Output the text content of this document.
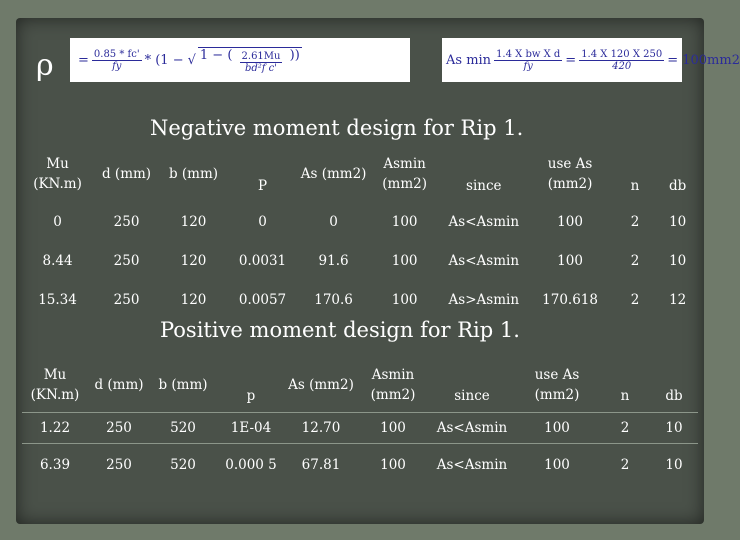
$\rho = \frac{0.85 * fc'}{fy} * (1$ − √ 1 − ( $\frac{2.61Mu}{\text{bd²f c'}}$ ))	As $\min \frac{\text{1.4 X bw X d}}{fy} = \frac{1.4 X 120 X 250}{420} = 100mm2$
Negative moment design for Rip 1.
Mu (KN.m)	d (mm)	b (mm)	P	As (mm2)	Asmin (mm2)	since	use As (mm2)	n	db
0	250	120	0	0	100	As<Asmin	100	2	10
8.44	250	120	0.0031	91.6	100	As<Asmin	100	2	10
15.34	250	120	0.0057	170.6	100	As>Asmin	170.618	2	12
Positive moment design for Rip 1.
Mu (KN.m)	d (mm)	b (mm)	p	As (mm2)	Asmin (mm2)	since	use As (mm2)	n	db
1.22	250	520	1E-04	12.70	100	As<Asmin	100	2	10
6.39	250	520	0.000 5	67.81	100	As<Asmin	100	2	10
